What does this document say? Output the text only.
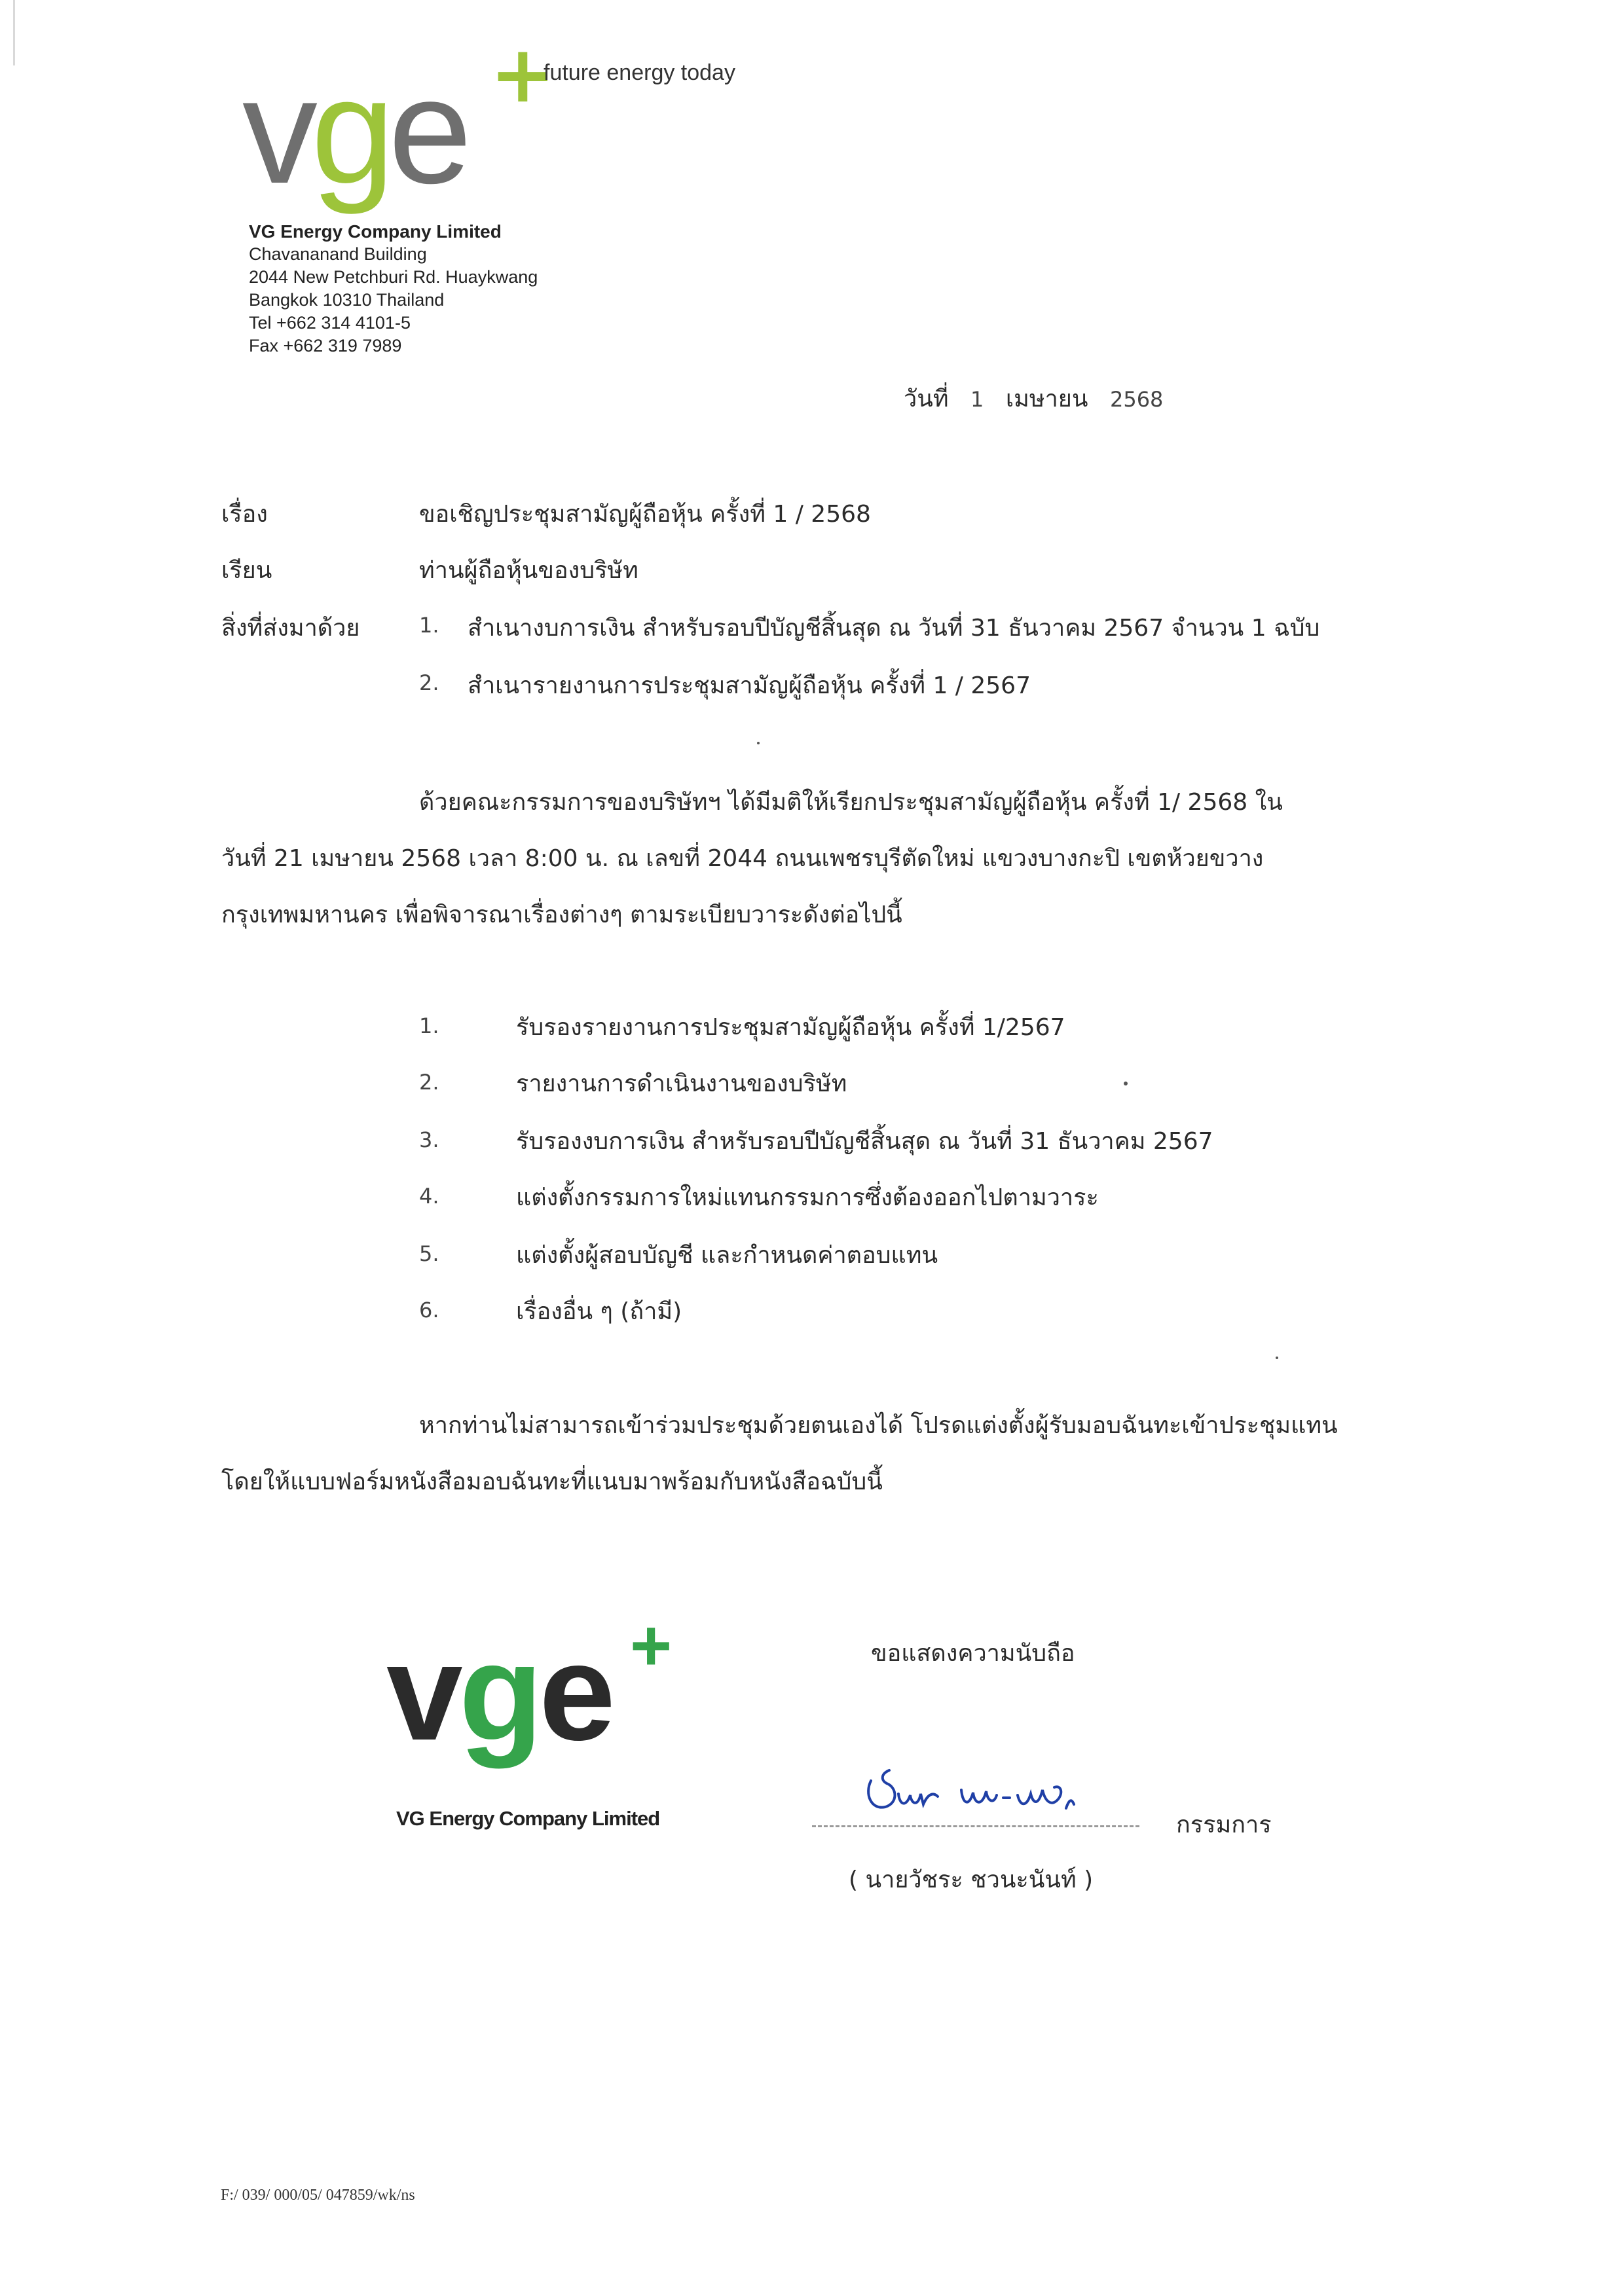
vge +
future energy today
VG Energy Company Limited
Chavananand Building
2044 New Petchburi Rd. Huaykwang
Bangkok 10310 Thailand
Tel +662 314 4101-5
Fax +662 319 7989
วันที่ 1 เมษายน 2568
เรื่อง	ขอเชิญประชุมสามัญผู้ถือหุ้น ครั้งที่ 1 / 2568
เรียน	ท่านผู้ถือหุ้นของบริษัท
สิ่งที่ส่งมาด้วย	1. สำเนางบการเงิน สำหรับรอบปีบัญชีสิ้นสุด ณ วันที่ 31 ธันวาคม 2567 จำนวน 1 ฉบับ
2. สำเนารายงานการประชุมสามัญผู้ถือหุ้น ครั้งที่ 1 / 2567
ด้วยคณะกรรมการของบริษัทฯ ได้มีมติให้เรียกประชุมสามัญผู้ถือหุ้น ครั้งที่ 1/ 2568 ใน
วันที่ 21 เมษายน 2568 เวลา 8:00 น. ณ เลขที่ 2044 ถนนเพชรบุรีตัดใหม่ แขวงบางกะปิ เขตห้วยขวาง
กรุงเทพมหานคร เพื่อพิจารณาเรื่องต่างๆ ตามระเบียบวาระดังต่อไปนี้
1.	รับรองรายงานการประชุมสามัญผู้ถือหุ้น ครั้งที่ 1/2567
2.	รายงานการดำเนินงานของบริษัท
3.	รับรองงบการเงิน สำหรับรอบปีบัญชีสิ้นสุด ณ วันที่ 31 ธันวาคม 2567
4.	แต่งตั้งกรรมการใหม่แทนกรรมการซึ่งต้องออกไปตามวาระ
5.	แต่งตั้งผู้สอบบัญชี และกำหนดค่าตอบแทน
6.	เรื่องอื่น ๆ (ถ้ามี)
หากท่านไม่สามารถเข้าร่วมประชุมด้วยตนเองได้ โปรดแต่งตั้งผู้รับมอบฉันทะเข้าประชุมแทน
โดยให้แบบฟอร์มหนังสือมอบฉันทะที่แนบมาพร้อมกับหนังสือฉบับนี้
ขอแสดงความนับถือ
vge +
VG Energy Company Limited	กรรมการ
( นายวัชระ ชวนะนันท์ )
F:/ 039/ 000/05/ 047859/wk/ns
